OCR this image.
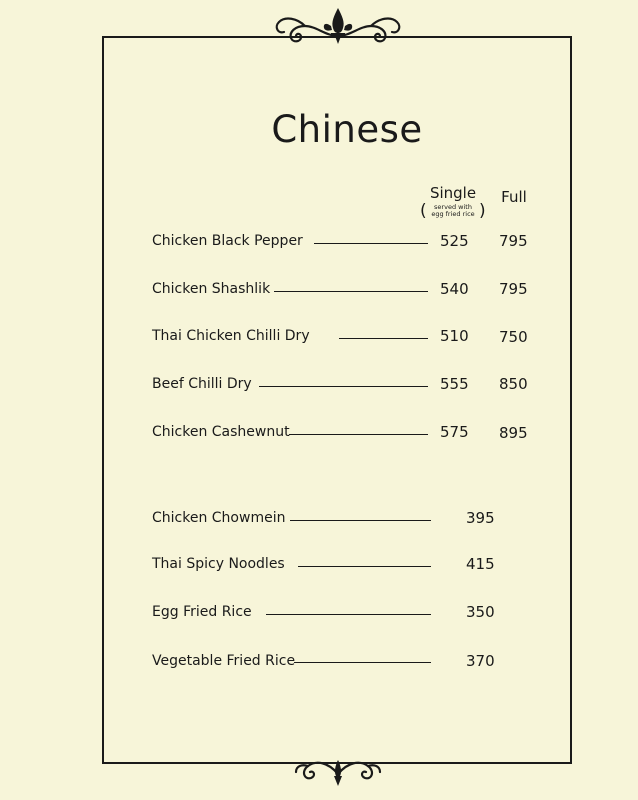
Chinese
Single
(	served with
egg fried rice )
Full
Chicken Black Pepper	525 795
Chicken Shashlik	540 795
Thai Chicken Chilli Dry	510 750
Beef Chilli Dry	555 850
Chicken Cashewnut	575 895
Chicken Chowmein	395
Thai Spicy Noodles	415
Egg Fried Rice	350
Vegetable Fried Rice	370
